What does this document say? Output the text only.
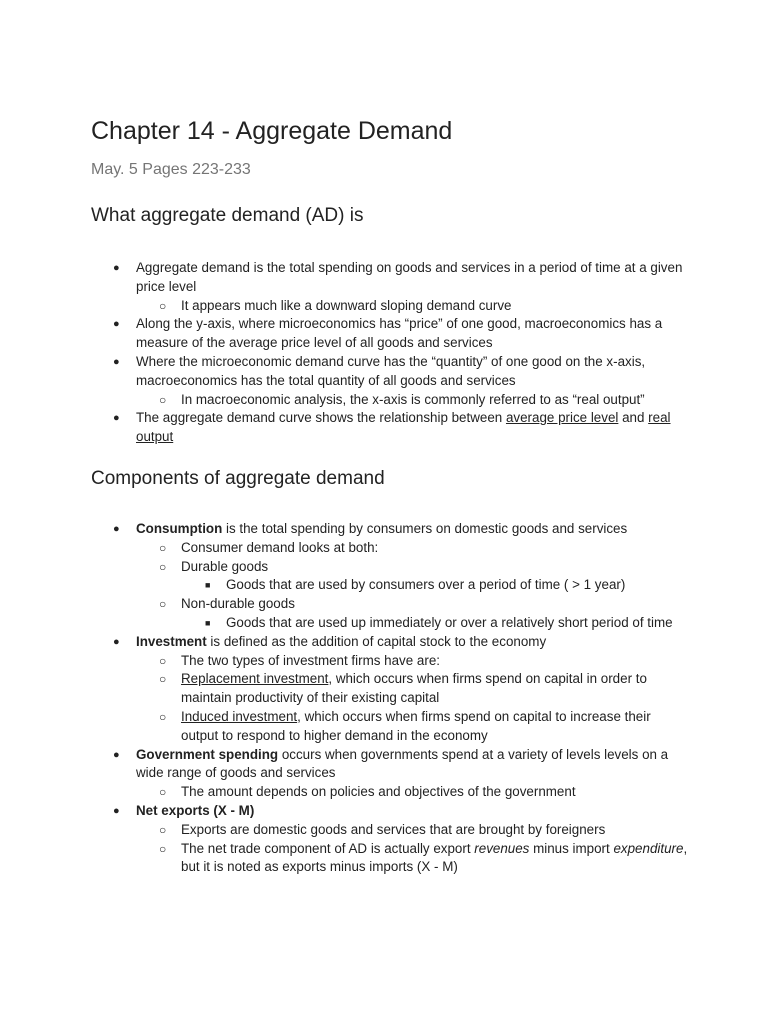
Chapter 14 - Aggregate Demand
May. 5 Pages 223-233
What aggregate demand (AD) is
● Aggregate demand is the total spending on goods and services in a period of time at a given price level
○ It appears much like a downward sloping demand curve
● Along the y-axis, where microeconomics has “price” of one good, macroeconomics has a measure of the average price level of all goods and services
● Where the microeconomic demand curve has the “quantity” of one good on the x-axis, macroeconomics has the total quantity of all goods and services
○ In macroeconomic analysis, the x-axis is commonly referred to as “real output”
● The aggregate demand curve shows the relationship between average price level and real output
Components of aggregate demand
● Consumption is the total spending by consumers on domestic goods and services
○ Consumer demand looks at both:
○ Durable goods
■ Goods that are used by consumers over a period of time ( > 1 year)
○ Non-durable goods
■ Goods that are used up immediately or over a relatively short period of time
● Investment is defined as the addition of capital stock to the economy
○ The two types of investment firms have are:
○ Replacement investment, which occurs when firms spend on capital in order to maintain productivity of their existing capital
○ Induced investment, which occurs when firms spend on capital to increase their output to respond to higher demand in the economy
● Government spending occurs when governments spend at a variety of levels levels on a wide range of goods and services
○ The amount depends on policies and objectives of the government
● Net exports (X - M)
○ Exports are domestic goods and services that are brought by foreigners
○ The net trade component of AD is actually export revenues minus import expenditure, but it is noted as exports minus imports (X - M)
